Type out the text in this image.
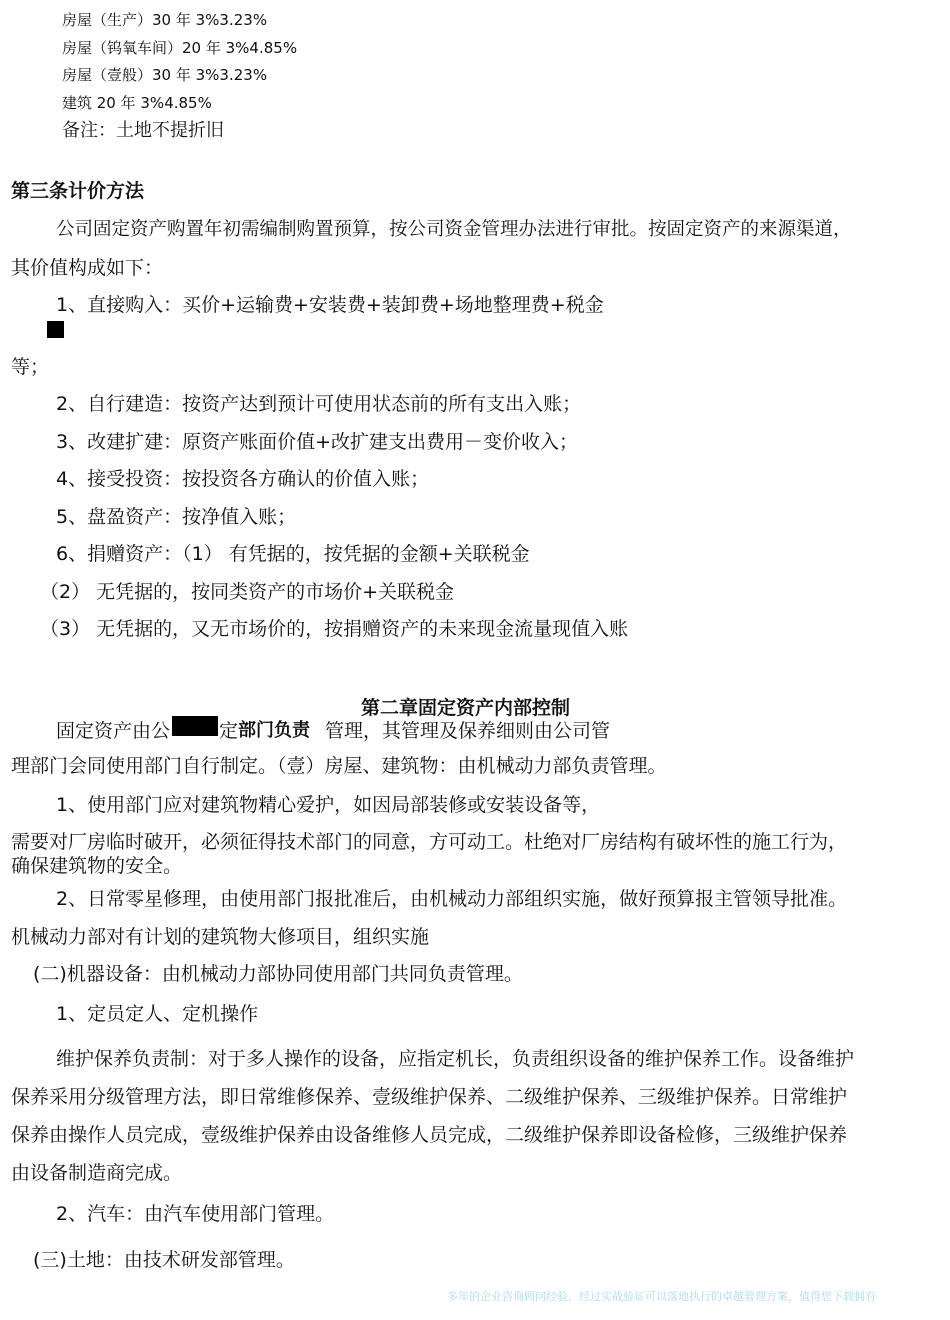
房屋（生产）30 年 3%3.23%

房屋（钨氧车间）20 年 3%4.85%

房屋（壹般）30 年 3%3.23%

建筑 20 年 3%4.85%

备注：土地不提折旧

第三条计价方法

公司固定资产购置年初需编制购置预算，按公司资金管理办法进行审批。按固定资产的来源渠道，

其价值构成如下：

1、直接购入：买价+运输费+安装费+装卸费+场地整理费+税金

等；

2、自行建造：按资产达到预计可使用状态前的所有支出入账；

3、改建扩建：原资产账面价值+改扩建支出费用－变价收入；

4、接受投资：按投资各方确认的价值入账；

5、盘盈资产：按净值入账；

6、捐赠资产：（1） 有凭据的，按凭据的金额+关联税金

（2） 无凭据的，按同类资产的市场价+关联税金

（3） 无凭据的，又无市场价的，按捐赠资产的未来现金流量现值入账

第二章固定资产内部控制

固定资产由公	定 部门负责 管理，其管理及保养细则由公司管

理部门会同使用部门自行制定。（壹）房屋、建筑物：由机械动力部负责管理。

1、使用部门应对建筑物精心爱护，如因局部装修或安装设备等，

需要对厂房临时破开，必须征得技术部门的同意，方可动工。杜绝对厂房结构有破坏性的施工行为，

确保建筑物的安全。

2、日常零星修理，由使用部门报批准后，由机械动力部组织实施，做好预算报主管领导批准。

机械动力部对有计划的建筑物大修项目，组织实施

(二)机器设备：由机械动力部协同使用部门共同负责管理。

1、定员定人、定机操作

维护保养负责制：对于多人操作的设备，应指定机长，负责组织设备的维护保养工作。设备维护

保养采用分级管理方法，即日常维修保养、壹级维护保养、二级维护保养、三级维护保养。日常维护

保养由操作人员完成，壹级维护保养由设备维修人员完成，二级维护保养即设备检修，三级维护保养

由设备制造商完成。

2、汽车：由汽车使用部门管理。

(三)土地：由技术研发部管理。

多年的企业咨询顾问经验，经过实战验证可以落地执行的卓越管理方案，值得您下载拥有
